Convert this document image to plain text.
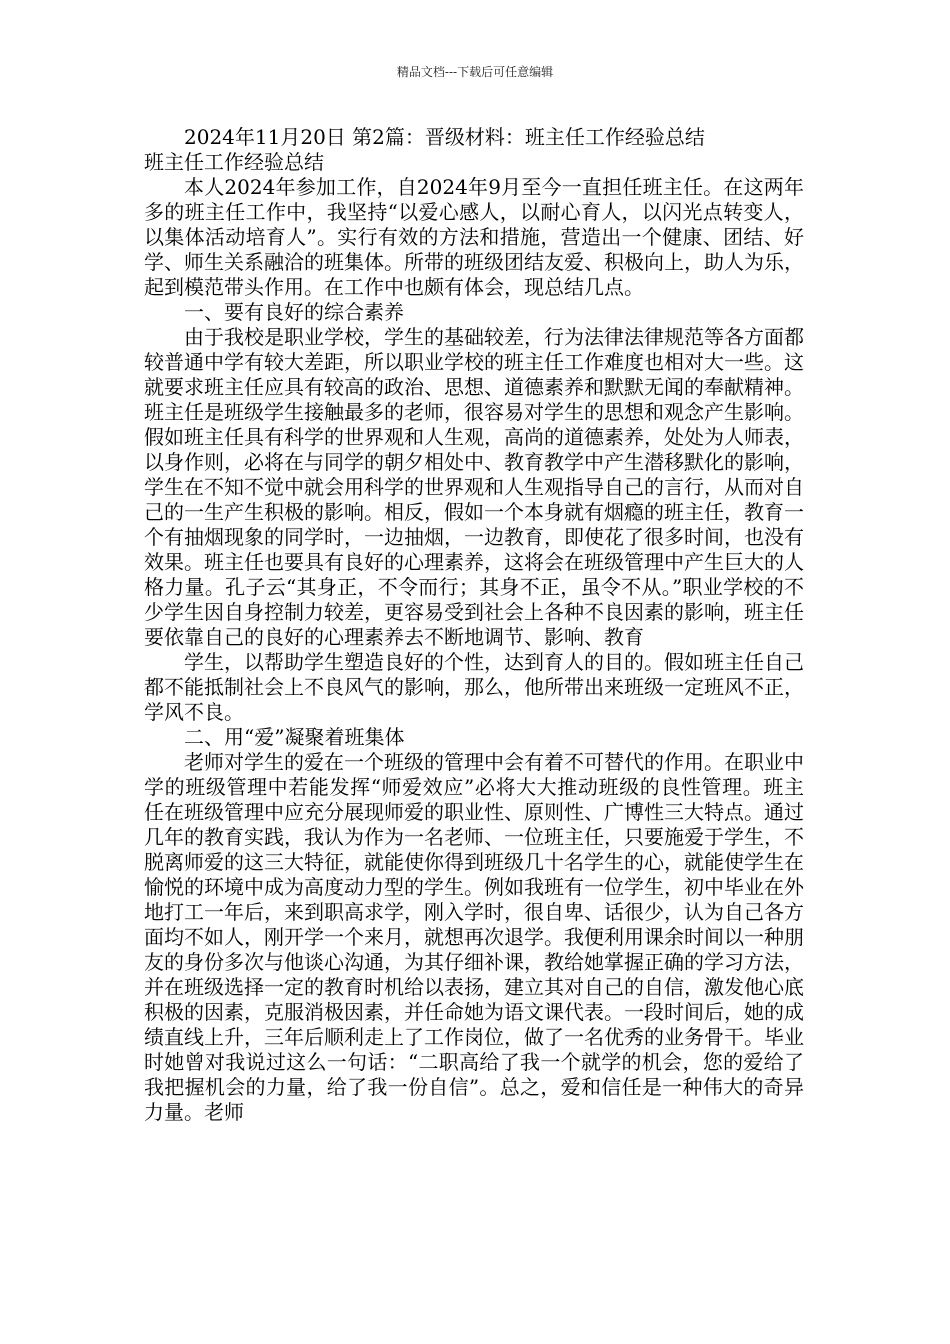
精品文档---下载后可任意编辑

2024年11月20日 第2篇：晋级材料：班主任工作经验总结

班主任工作经验总结

本人2024年参加工作，自2024年9月至今一直担任班主任。在这两年多的班主任工作中，我坚持“以爱心感人，以耐心育人，以闪光点转变人，以集体活动培育人”。实行有效的方法和措施，营造出一个健康、团结、好学、师生关系融洽的班集体。所带的班级团结友爱、积极向上，助人为乐，起到模范带头作用。在工作中也颇有体会，现总结几点。

一、要有良好的综合素养

由于我校是职业学校，学生的基础较差，行为法律法律规范等各方面都较普通中学有较大差距，所以职业学校的班主任工作难度也相对大一些。这就要求班主任应具有较高的政治、思想、道德素养和默默无闻的奉献精神。班主任是班级学生接触最多的老师，很容易对学生的思想和观念产生影响。假如班主任具有科学的世界观和人生观，高尚的道德素养，处处为人师表，以身作则，必将在与同学的朝夕相处中、教育教学中产生潜移默化的影响，学生在不知不觉中就会用科学的世界观和人生观指导自己的言行，从而对自己的一生产生积极的影响。相反，假如一个本身就有烟瘾的班主任，教育一个有抽烟现象的同学时，一边抽烟，一边教育，即使花了很多时间，也没有效果。班主任也要具有良好的心理素养，这将会在班级管理中产生巨大的人格力量。孔子云“其身正，不令而行；其身不正，虽令不从。”职业学校的不少学生因自身控制力较差，更容易受到社会上各种不良因素的影响，班主任要依靠自己的良好的心理素养去不断地调节、影响、教育

学生，以帮助学生塑造良好的个性，达到育人的目的。假如班主任自己都不能抵制社会上不良风气的影响，那么，他所带出来班级一定班风不正，学风不良。

二、用“爱”凝聚着班集体

老师对学生的爱在一个班级的管理中会有着不可替代的作用。在职业中学的班级管理中若能发挥“师爱效应”必将大大推动班级的良性管理。班主任在班级管理中应充分展现师爱的职业性、原则性、广博性三大特点。通过几年的教育实践，我认为作为一名老师、一位班主任，只要施爱于学生，不脱离师爱的这三大特征，就能使你得到班级几十名学生的心，就能使学生在愉悦的环境中成为高度动力型的学生。例如我班有一位学生，初中毕业在外地打工一年后，来到职高求学，刚入学时，很自卑、话很少，认为自己各方面均不如人，刚开学一个来月，就想再次退学。我便利用课余时间以一种朋友的身份多次与他谈心沟通，为其仔细补课，教给她掌握正确的学习方法，并在班级选择一定的教育时机给以表扬，建立其对自己的自信，激发他心底积极的因素，克服消极因素，并任命她为语文课代表。一段时间后，她的成绩直线上升，三年后顺利走上了工作岗位，做了一名优秀的业务骨干。毕业时她曾对我说过这么一句话：“二职高给了我一个就学的机会，您的爱给了我把握机会的力量，给了我一份自信”。总之，爱和信任是一种伟大的奇异力量。老师
